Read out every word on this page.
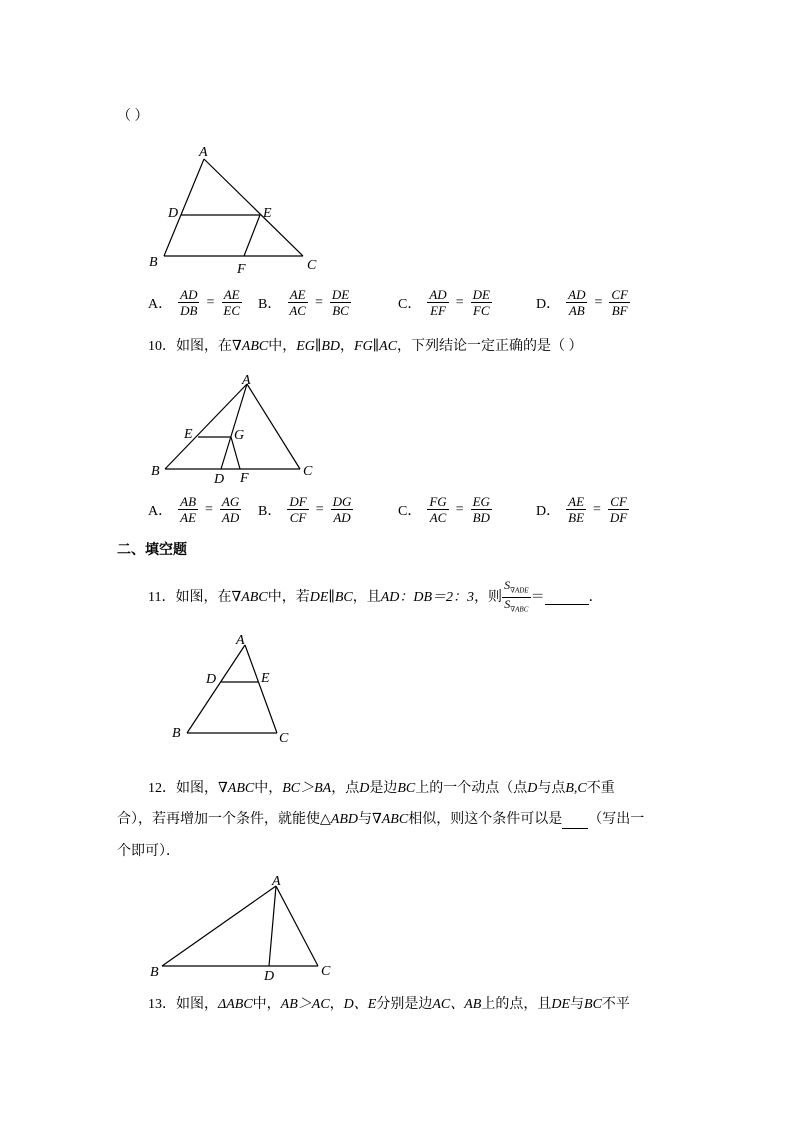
（ ）
A
D	E
B	C
F
A． $\frac{AD}{DB} = \frac{AE}{EC}$ B． $\frac{AE}{AC} = \frac{DE}{BC}$	C． $\frac{AD}{EF} = \frac{DE}{FC}$	D． $\frac{AD}{AB} = \frac{CF}{BF}$
10．如图，在∇ABC中，EG∥BD，FG∥AC，下列结论一定正确的是（ ）
A
E	G
B	C
D F
A． $\frac{AB}{AE} = \frac{AG}{AD}$ B． $\frac{DF}{CF} = \frac{DG}{AD}$	C． $\frac{FG}{AC} = \frac{EG}{BD}$	D． $\frac{AE}{BE} = \frac{CF}{DF}$
二、填空题
11．如图，在 ∇ABC 中，若 DE∥BC ，且 AD：DB＝2：3 ，则 $\frac{S_{\nabla ADE}}{S_{\nabla ABC}}$ ＝	．
A
D	E
B	C
12．如图，∇ABC中，BC＞BA，点D是边BC上的一个动点（点D与点B,C不重
合），若再增加一个条件，就能使△ABD与∇ABC相似，则这个条件可以是 （写出一
个即可）．
A
B	C
D
13．如图，ΔABC中，AB＞AC，D、E分别是边AC、AB上的点，且DE与BC不平
